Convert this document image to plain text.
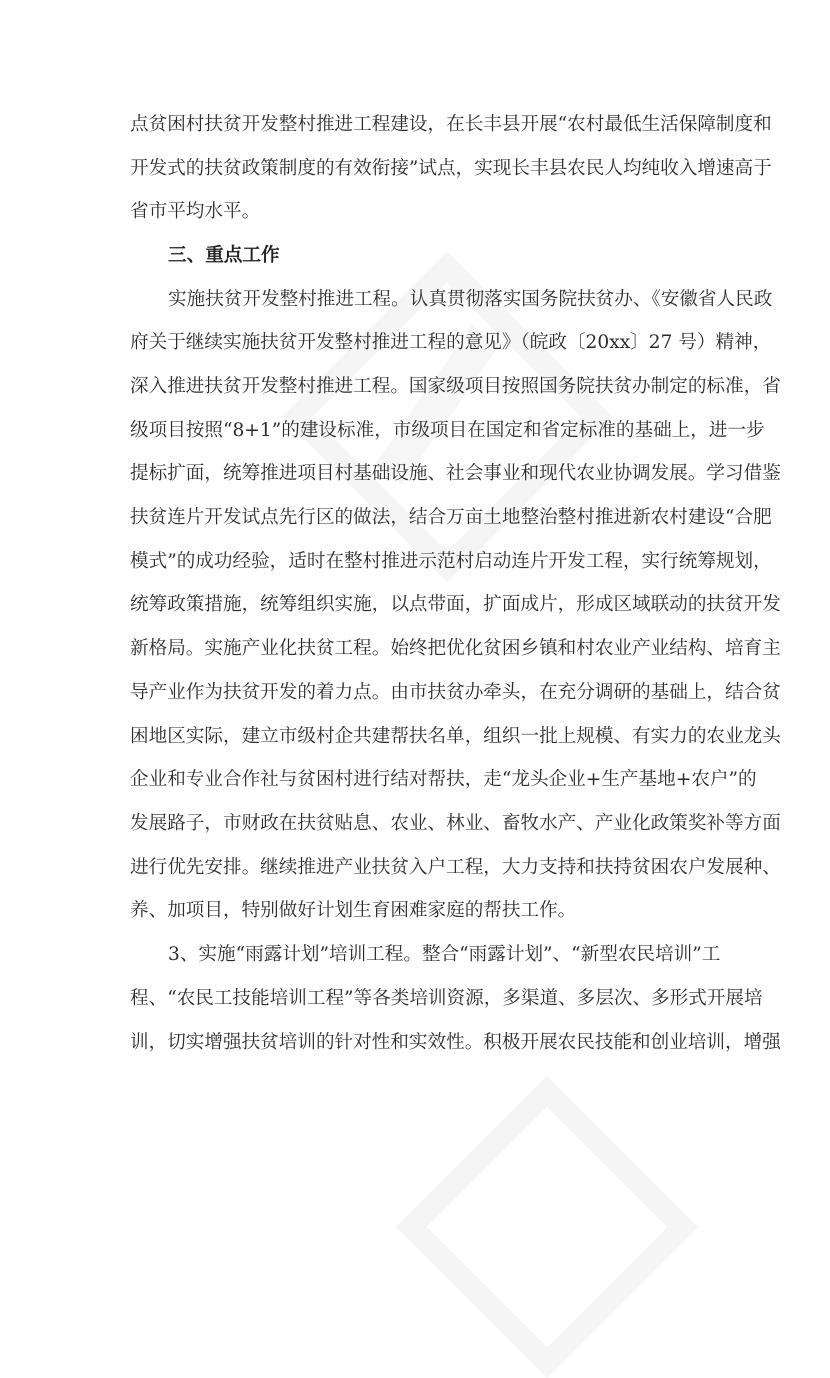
点贫困村扶贫开发整村推进工程建设，在长丰县开展“农村最低生活保障制度和
开发式的扶贫政策制度的有效衔接”试点，实现长丰县农民人均纯收入增速高于
省市平均水平。
三、重点工作
实施扶贫开发整村推进工程。认真贯彻落实国务院扶贫办、《安徽省人民政
府关于继续实施扶贫开发整村推进工程的意见》（皖政〔20xx〕27 号）精神，
深入推进扶贫开发整村推进工程。国家级项目按照国务院扶贫办制定的标准，省
级项目按照“8+1”的建设标准，市级项目在国定和省定标准的基础上，进一步
提标扩面，统筹推进项目村基础设施、社会事业和现代农业协调发展。学习借鉴
扶贫连片开发试点先行区的做法，结合万亩土地整治整村推进新农村建设“合肥
模式”的成功经验，适时在整村推进示范村启动连片开发工程，实行统筹规划，
统筹政策措施，统筹组织实施，以点带面，扩面成片，形成区域联动的扶贫开发
新格局。实施产业化扶贫工程。始终把优化贫困乡镇和村农业产业结构、培育主
导产业作为扶贫开发的着力点。由市扶贫办牵头，在充分调研的基础上，结合贫
困地区实际，建立市级村企共建帮扶名单，组织一批上规模、有实力的农业龙头
企业和专业合作社与贫困村进行结对帮扶，走“龙头企业+生产基地+农户”的
发展路子，市财政在扶贫贴息、农业、林业、畜牧水产、产业化政策奖补等方面
进行优先安排。继续推进产业扶贫入户工程，大力支持和扶持贫困农户发展种、
养、加项目，特别做好计划生育困难家庭的帮扶工作。
3、实施“雨露计划”培训工程。整合“雨露计划”、“新型农民培训”工
程、“农民工技能培训工程”等各类培训资源，多渠道、多层次、多形式开展培
训，切实增强扶贫培训的针对性和实效性。积极开展农民技能和创业培训，增强
